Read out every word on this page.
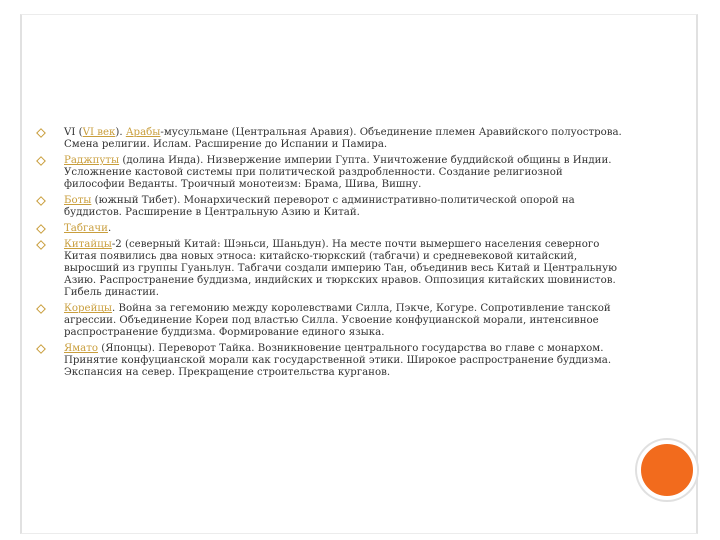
VI (VI век). Арабы-мусульмане (Центральная Аравия). Объединение племен Аравийского полуострова. Смена религии. Ислам. Расширение до Испании и Памира.
Раджпуты (долина Инда). Низвержение империи Гупта. Уничтожение буддийской общины в Индии. Усложнение кастовой системы при политической раздробленности. Создание религиозной философии Веданты. Троичный монотеизм: Брама, Шива, Вишну.
Боты (южный Тибет). Монархический переворот с административно-политической опорой на буддистов. Расширение в Центральную Азию и Китай.
Табгачи.
Китайцы-2 (северный Китай: Шэньси, Шаньдун). На месте почти вымершего населения северного Китая появились два новых этноса: китайско-тюркский (табгачи) и средневековой китайский, выросший из группы Гуаньлун. Табгачи создали империю Тан, объединив весь Китай и Центральную Азию. Распространение буддизма, индийских и тюркских нравов. Оппозиция китайских шовинистов. Гибель династии.
Корейцы. Война за гегемонию между королевствами Силла, Пэкче, Когуре. Сопротивление танской агрессии. Объединение Кореи под властью Силла. Усвоение конфуцианской морали, интенсивное распространение буддизма. Формирование единого языка.
Ямато (Японцы). Переворот Тайка. Возникновение центрального государства во главе с монархом. Принятие конфуцианской морали как государственной этики. Широкое распространение буддизма. Экспансия на север. Прекращение строительства курганов.
